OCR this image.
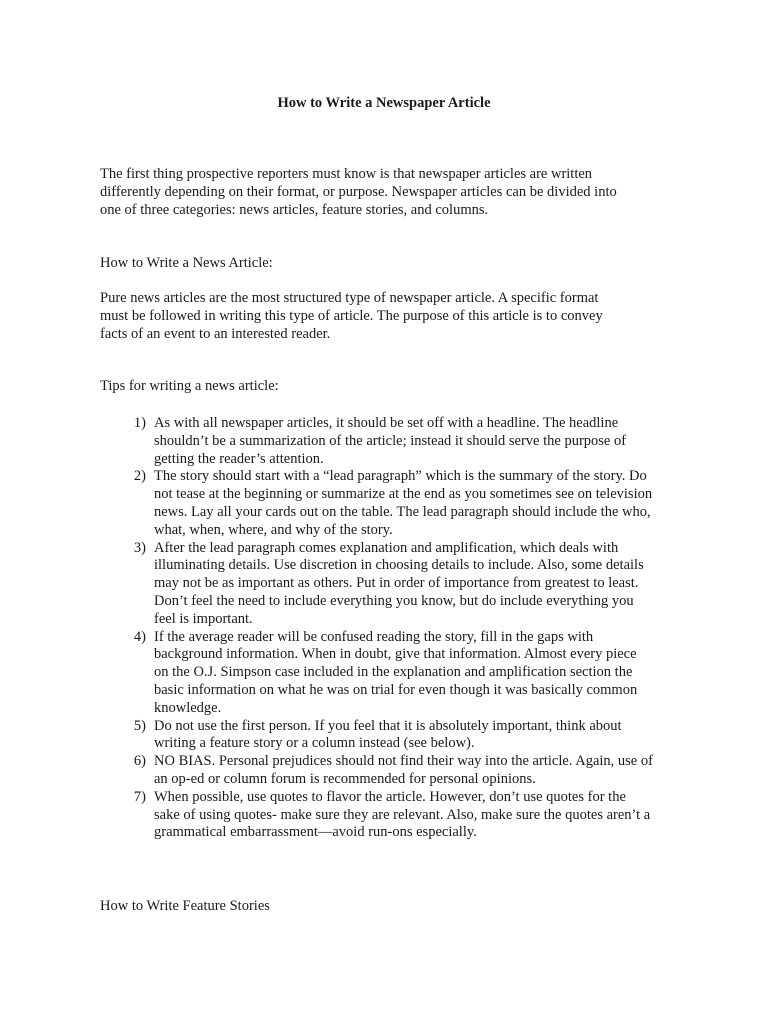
How to Write a Newspaper Article

The first thing prospective reporters must know is that newspaper articles are written differently depending on their format, or purpose. Newspaper articles can be divided into one of three categories: news articles, feature stories, and columns.

How to Write a News Article:

Pure news articles are the most structured type of newspaper article. A specific format must be followed in writing this type of article. The purpose of this article is to convey facts of an event to an interested reader.

Tips for writing a news article:

1) As with all newspaper articles, it should be set off with a headline. The headline shouldn’t be a summarization of the article; instead it should serve the purpose of getting the reader’s attention.
2) The story should start with a “lead paragraph” which is the summary of the story. Do not tease at the beginning or summarize at the end as you sometimes see on television news. Lay all your cards out on the table. The lead paragraph should include the who, what, when, where, and why of the story.
3) After the lead paragraph comes explanation and amplification, which deals with illuminating details. Use discretion in choosing details to include. Also, some details may not be as important as others. Put in order of importance from greatest to least. Don’t feel the need to include everything you know, but do include everything you feel is important.
4) If the average reader will be confused reading the story, fill in the gaps with background information. When in doubt, give that information. Almost every piece on the O.J. Simpson case included in the explanation and amplification section the basic information on what he was on trial for even though it was basically common knowledge.
5) Do not use the first person. If you feel that it is absolutely important, think about writing a feature story or a column instead (see below).
6) NO BIAS. Personal prejudices should not find their way into the article. Again, use of an op-ed or column forum is recommended for personal opinions.
7) When possible, use quotes to flavor the article. However, don’t use quotes for the sake of using quotes- make sure they are relevant. Also, make sure the quotes aren’t a grammatical embarrassment—avoid run-ons especially.

How to Write Feature Stories
